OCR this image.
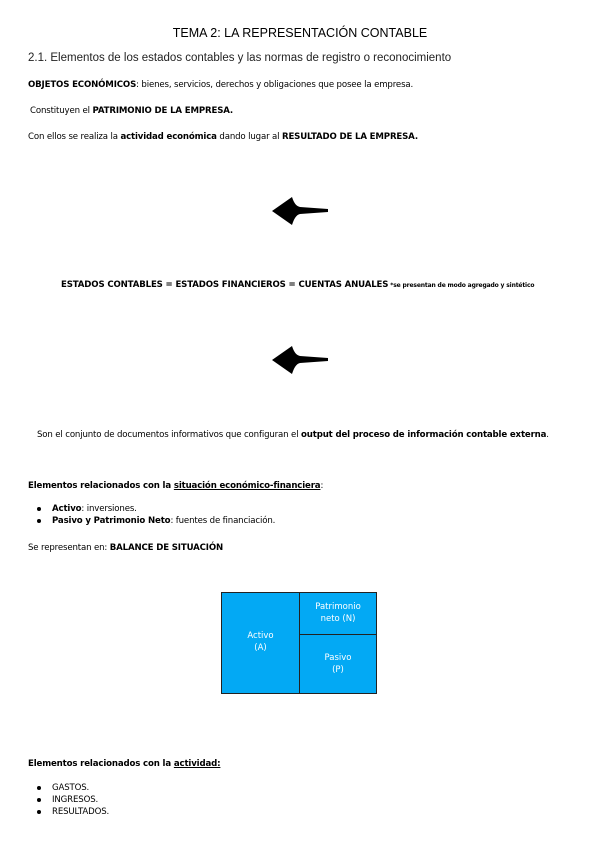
TEMA 2: LA REPRESENTACIÓN CONTABLE
2.1. Elementos de los estados contables y las normas de registro o reconocimiento
OBJETOS ECONÓMICOS: bienes, servicios, derechos y obligaciones que posee la empresa.
Constituyen el PATRIMONIO DE LA EMPRESA.
Con ellos se realiza la actividad económica dando lugar al RESULTADO DE LA EMPRESA.
ESTADOS CONTABLES = ESTADOS FINANCIEROS = CUENTAS ANUALES *se presentan de modo agregado y sintético
Son el conjunto de documentos informativos que configuran el output del proceso de información contable externa.
Elementos relacionados con la situación económico-financiera:
Activo: inversiones.
Pasivo y Patrimonio Neto: fuentes de financiación.
Se representan en: BALANCE DE SITUACIÓN
Activo
(A)
Patrimonio
neto (N)
Pasivo
(P)
Elementos relacionados con la actividad:
GASTOS.
INGRESOS.
RESULTADOS.
